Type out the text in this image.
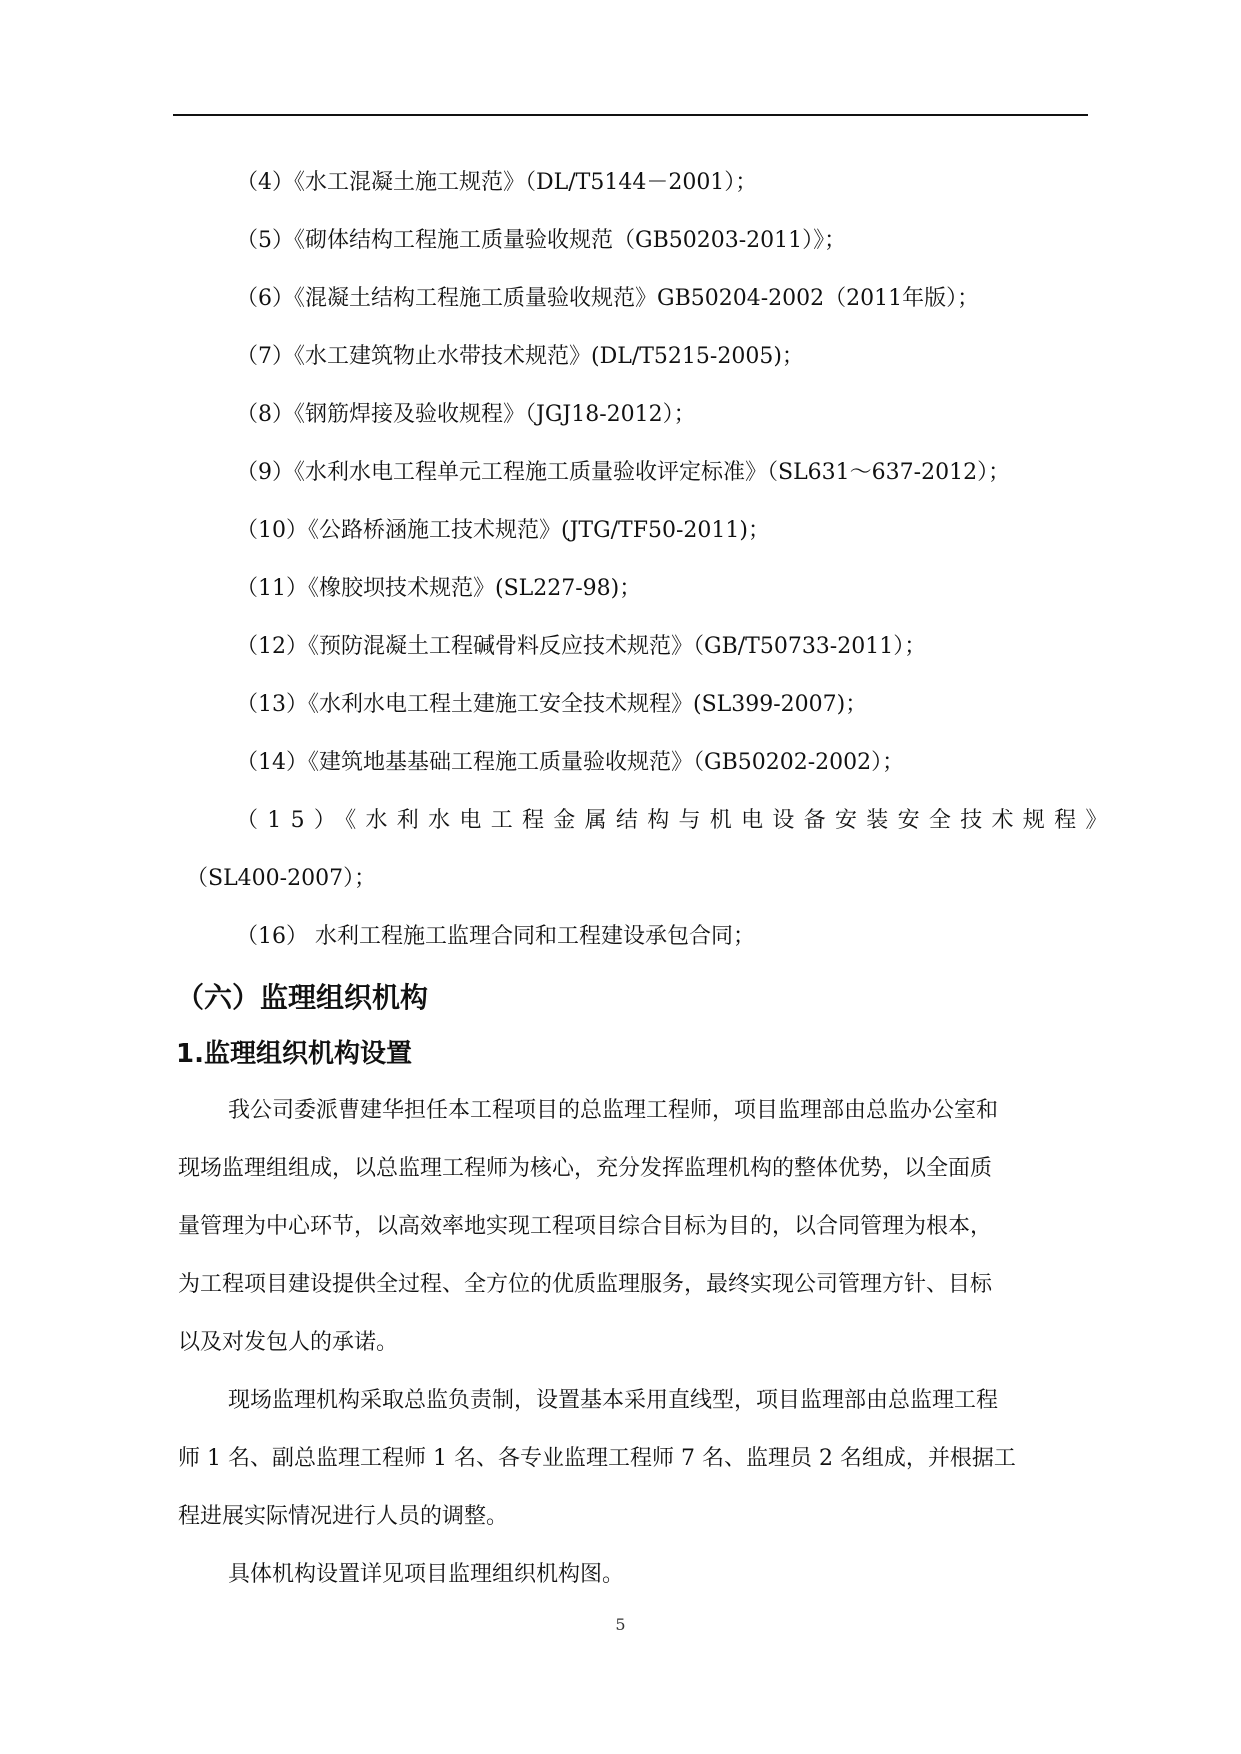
（4）《水工混凝土施工规范》（DL/T5144－2001）；
（5）《砌体结构工程施工质量验收规范（GB50203-2011）》；
（6）《混凝土结构工程施工质量验收规范》GB50204-2002（2011年版）；
（7）《水工建筑物止水带技术规范》(DL/T5215-2005)；
（8）《钢筋焊接及验收规程》（JGJ18-2012）；
（9）《水利水电工程单元工程施工质量验收评定标准》（SL631～637-2012）；
（10）《公路桥涵施工技术规范》(JTG/TF50-2011)；
（11）《橡胶坝技术规范》(SL227-98)；
（12）《预防混凝土工程碱骨料反应技术规范》（GB/T50733-2011）；
（13）《水利水电工程土建施工安全技术规程》(SL399-2007)；
（14）《建筑地基基础工程施工质量验收规范》（GB50202-2002）；
（15）《水利水电工程金属结构与机电设备安装安全技术规程》
（SL400-2007）；
（16） 水利工程施工监理合同和工程建设承包合同；
（六）监理组织机构
1.监理组织机构设置
我公司委派曹建华担任本工程项目的总监理工程师，项目监理部由总监办公室和
现场监理组组成，以总监理工程师为核心，充分发挥监理机构的整体优势，以全面质
量管理为中心环节，以高效率地实现工程项目综合目标为目的，以合同管理为根本，
为工程项目建设提供全过程、全方位的优质监理服务，最终实现公司管理方针、目标
以及对发包人的承诺。
现场监理机构采取总监负责制，设置基本采用直线型，项目监理部由总监理工程
师 1 名、副总监理工程师 1 名、各专业监理工程师 7 名、监理员 2 名组成，并根据工
程进展实际情况进行人员的调整。
具体机构设置详见项目监理组织机构图。
5
